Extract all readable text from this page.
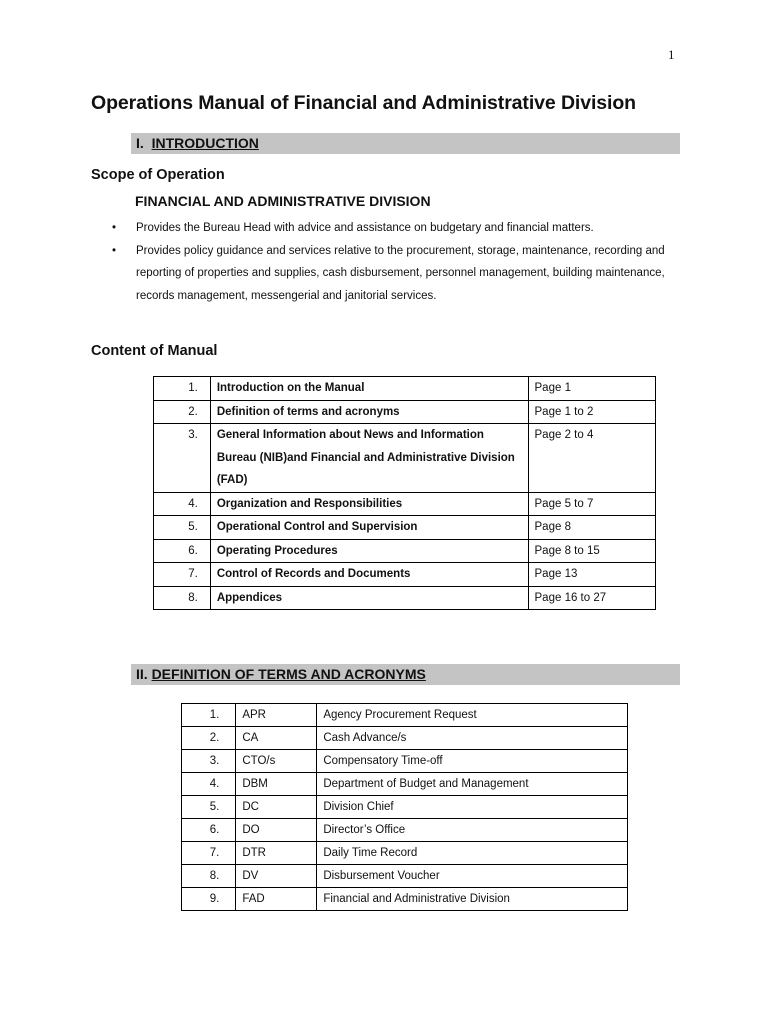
1
Operations Manual of Financial and Administrative Division
I. INTRODUCTION
Scope of Operation
FINANCIAL AND ADMINISTRATIVE DIVISION
• Provides the Bureau Head with advice and assistance on budgetary and financial matters.
• Provides policy guidance and services relative to the procurement, storage, maintenance, recording and reporting of properties and supplies, cash disbursement, personnel management, building maintenance, records management, messengerial and janitorial services.
Content of Manual
1.	Introduction on the Manual	Page 1
2.	Definition of terms and acronyms	Page 1 to 2
3.	General Information about News and Information Bureau (NIB)and Financial and Administrative Division (FAD)	Page 2 to 4
4.	Organization and Responsibilities	Page 5 to 7
5.	Operational Control and Supervision	Page 8
6.	Operating Procedures	Page 8 to 15
7.	Control of Records and Documents	Page 13
8.	Appendices	Page 16 to 27
II. DEFINITION OF TERMS AND ACRONYMS
1.	APR	Agency Procurement Request
2.	CA	Cash Advance/s
3.	CTO/s	Compensatory Time-off
4.	DBM	Department of Budget and Management
5.	DC	Division Chief
6.	DO	Director’s Office
7.	DTR	Daily Time Record
8.	DV	Disbursement Voucher
9.	FAD	Financial and Administrative Division
